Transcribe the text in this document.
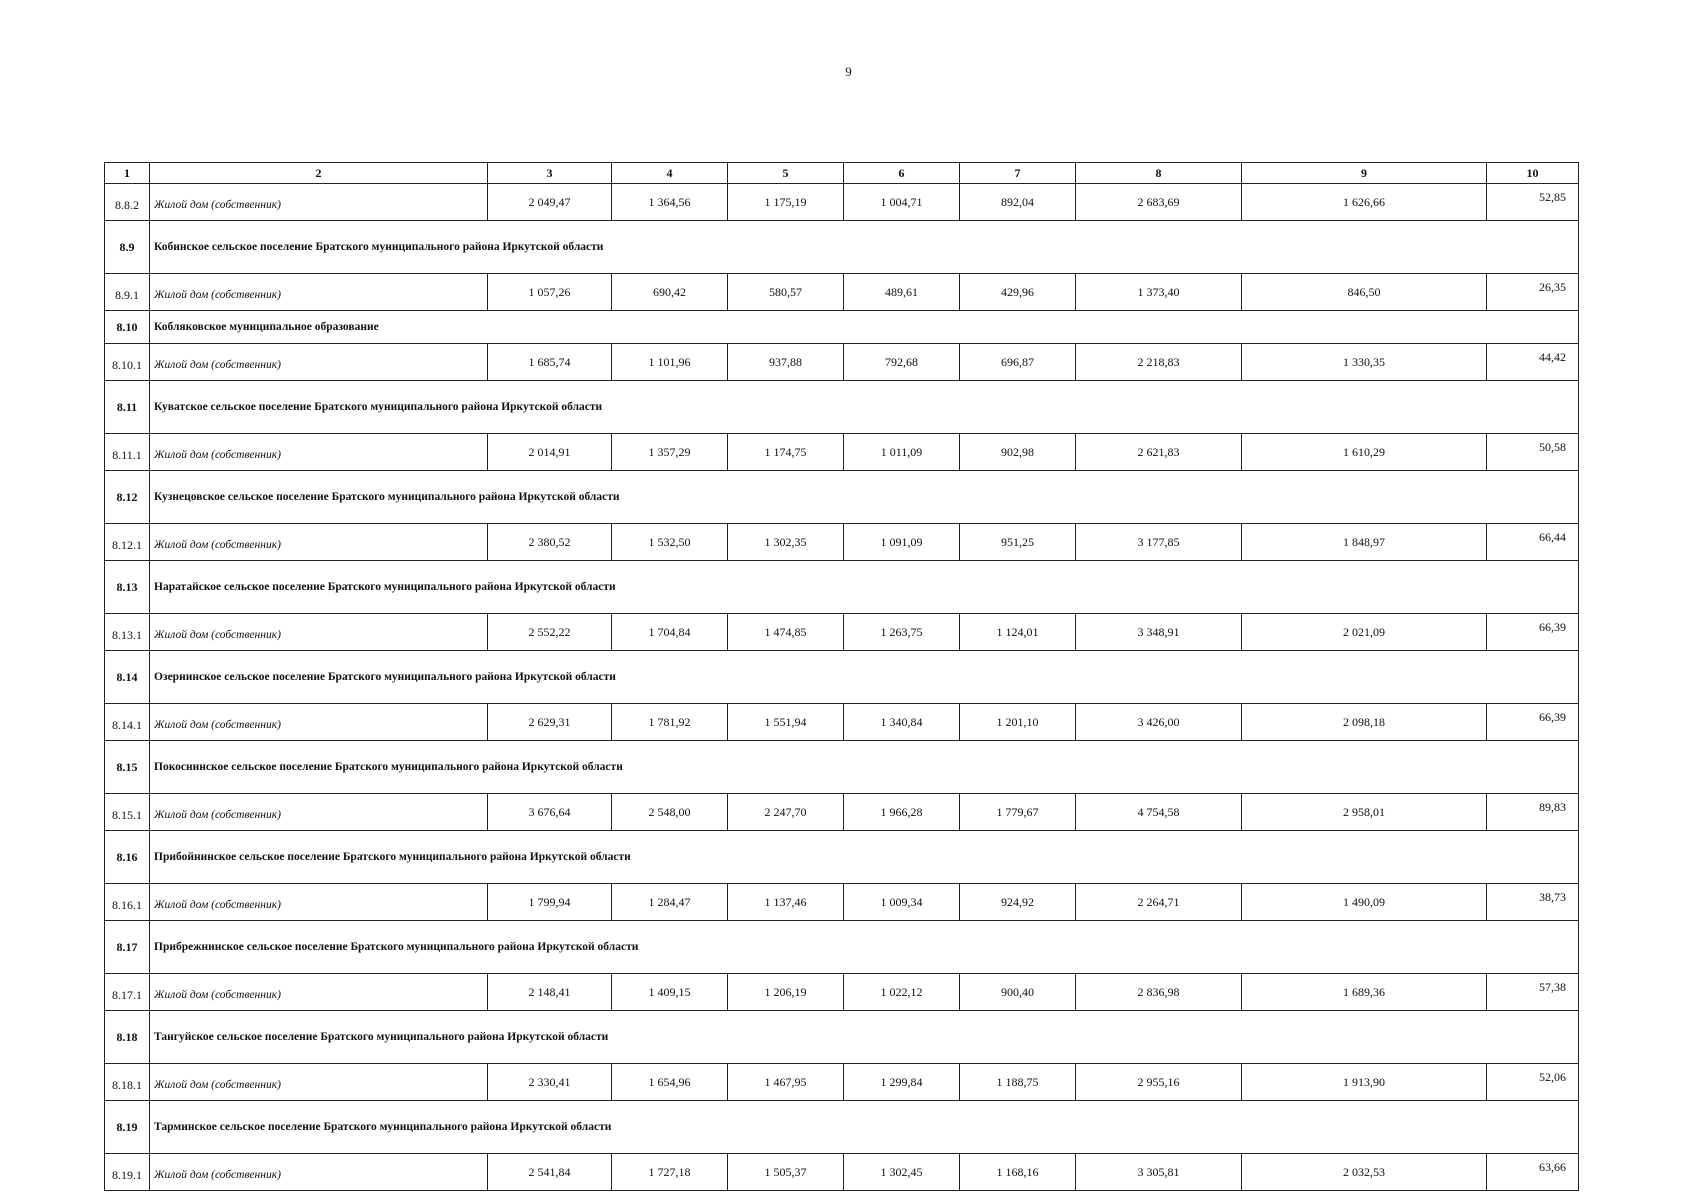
9
1	2	3	4	5	6	7	8	9	10
8.8.2	Жилой дом (собственник)	2 049,47	1 364,56	1 175,19	1 004,71	892,04	2 683,69	1 626,66	52,85
8.9	Кобинское сельское поселение Братского муниципального района Иркутской области								
8.9.1	Жилой дом (собственник)	1 057,26	690,42	580,57	489,61	429,96	1 373,40	846,50	26,35
8.10	Кобляковское муниципальное образование								
8.10.1	Жилой дом (собственник)	1 685,74	1 101,96	937,88	792,68	696,87	2 218,83	1 330,35	44,42
8.11	Куватское сельское поселение Братского муниципального района Иркутской области								
8.11.1	Жилой дом (собственник)	2 014,91	1 357,29	1 174,75	1 011,09	902,98	2 621,83	1 610,29	50,58
8.12	Кузнецовское сельское поселение Братского муниципального района Иркутской области								
8.12.1	Жилой дом (собственник)	2 380,52	1 532,50	1 302,35	1 091,09	951,25	3 177,85	1 848,97	66,44
8.13	Наратайское сельское поселение Братского муниципального района Иркутской области								
8.13.1	Жилой дом (собственник)	2 552,22	1 704,84	1 474,85	1 263,75	1 124,01	3 348,91	2 021,09	66,39
8.14	Озернинское сельское поселение Братского муниципального района Иркутской области								
8.14.1	Жилой дом (собственник)	2 629,31	1 781,92	1 551,94	1 340,84	1 201,10	3 426,00	2 098,18	66,39
8.15	Покоснинское сельское поселение Братского муниципального района Иркутской области								
8.15.1	Жилой дом (собственник)	3 676,64	2 548,00	2 247,70	1 966,28	1 779,67	4 754,58	2 958,01	89,83
8.16	Прибойнинское сельское поселение Братского муниципального района Иркутской области								
8.16.1	Жилой дом (собственник)	1 799,94	1 284,47	1 137,46	1 009,34	924,92	2 264,71	1 490,09	38,73
8.17	Прибрежнинское сельское поселение Братского муниципального района Иркутской области								
8.17.1	Жилой дом (собственник)	2 148,41	1 409,15	1 206,19	1 022,12	900,40	2 836,98	1 689,36	57,38
8.18	Тангуйское сельское поселение Братского муниципального района Иркутской области								
8.18.1	Жилой дом (собственник)	2 330,41	1 654,96	1 467,95	1 299,84	1 188,75	2 955,16	1 913,90	52,06
8.19	Тарминское сельское поселение Братского муниципального района Иркутской области								
8.19.1	Жилой дом (собственник)	2 541,84	1 727,18	1 505,37	1 302,45	1 168,16	3 305,81	2 032,53	63,66
